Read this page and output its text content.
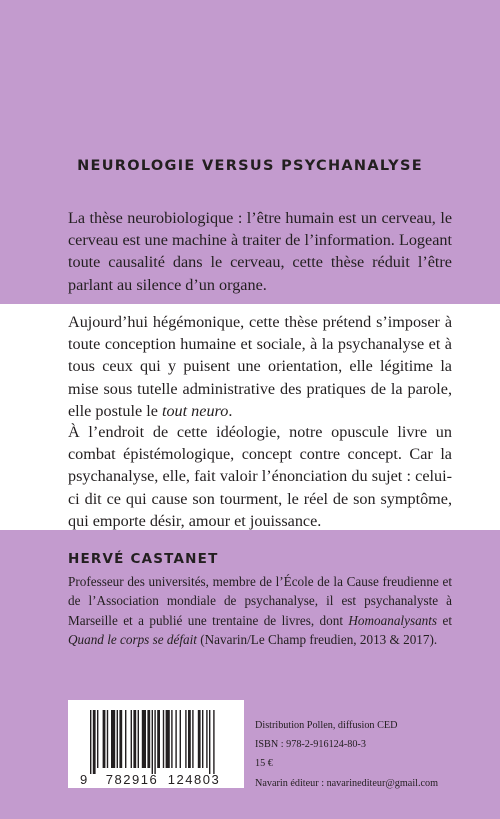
NEUROLOGIE VERSUS PSYCHANALYSE

La thèse neurobiologique : l’être humain est un cerveau, le cerveau est une machine à traiter de l’information. Logeant toute causalité dans le cerveau, cette thèse réduit l’être parlant au silence d’un organe.

Aujourd’hui hégémonique, cette thèse prétend s’imposer à toute conception humaine et sociale, à la psychanalyse et à tous ceux qui y puisent une orientation, elle légitime la mise sous tutelle administrative des pratiques de la parole, elle postule le tout neuro.

À l’endroit de cette idéologie, notre opuscule livre un combat épistémologique, concept contre concept. Car la psychanalyse, elle, fait valoir l’énonciation du sujet : celui-ci dit ce qui cause son tourment, le réel de son symptôme, qui emporte désir, amour et jouissance.

HERVÉ CASTANET

Professeur des universités, membre de l’École de la Cause freudienne et de l’Association mondiale de psychanalyse, il est psychanalyste à Marseille et a publié une trentaine de livres, dont Homoanalysants et Quand le corps se défait (Navarin/Le Champ freudien, 2013 & 2017).

9 782916 124803
Distribution Pollen, diffusion CED
ISBN : 978-2-916124-80-3
15 €
Navarin éditeur : navarinediteur@gmail.com
